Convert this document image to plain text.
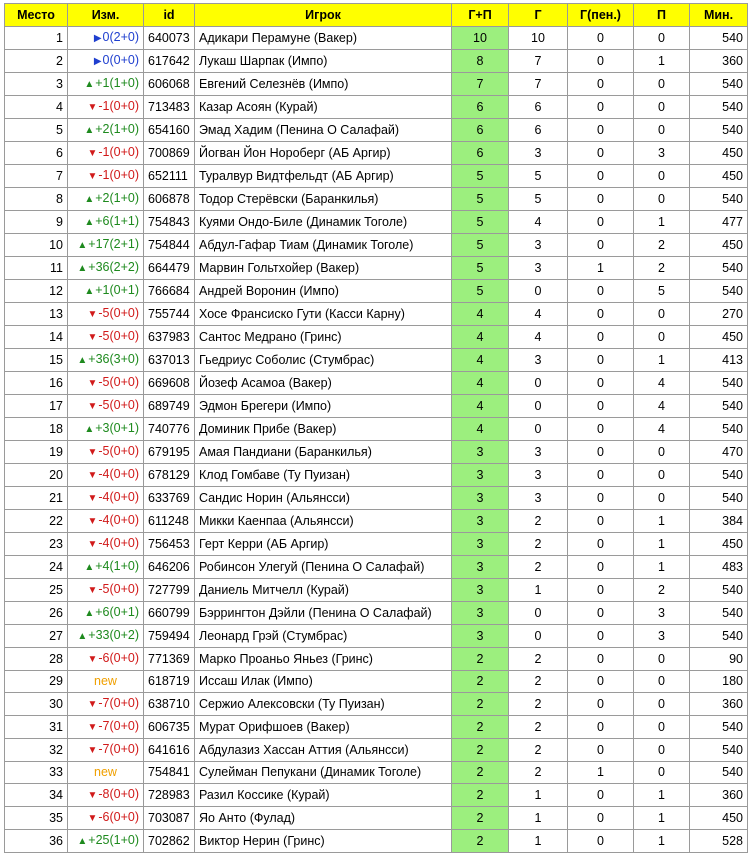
Место	Изм.	id	Игрок	Г+П	Г	Г(пен.)	П	Мин.
1	▶0(2+0)	640073	Адикари Перамуне (Вакер)	10	10	0	0	540
2	▶0(0+0)	617642	Лукаш Шарпак (Импо)	8	7	0	1	360
3	▲+1(1+0)	606068	Евгений Селезнёв (Импо)	7	7	0	0	540
4	▼-1(0+0)	713483	Казар Асоян (Курай)	6	6	0	0	540
5	▲+2(1+0)	654160	Эмад Хадим (Пенина О Салафай)	6	6	0	0	540
6	▼-1(0+0)	700869	Йогван Йон Нороберг (АБ Аргир)	6	3	0	3	450
7	▼-1(0+0)	652111	Туралвур Видтфельдт (АБ Аргир)	5	5	0	0	450
8	▲+2(1+0)	606878	Тодор Стерёвски (Баранкилья)	5	5	0	0	540
9	▲+6(1+1)	754843	Куями Ондо-Биле (Динамик Тоголе)	5	4	0	1	477
10	▲+17(2+1)	754844	Абдул-Гафар Тиам (Динамик Тоголе)	5	3	0	2	450
11	▲+36(2+2)	664479	Марвин Гольтхойер (Вакер)	5	3	1	2	540
12	▲+1(0+1)	766684	Андрей Воронин (Импо)	5	0	0	5	540
13	▼-5(0+0)	755744	Хосе Франсиско Гути (Касси Карну)	4	4	0	0	270
14	▼-5(0+0)	637983	Сантос Медрано (Гринс)	4	4	0	0	450
15	▲+36(3+0)	637013	Гьедриус Соболис (Стумбрас)	4	3	0	1	413
16	▼-5(0+0)	669608	Йозеф Асамоа (Вакер)	4	0	0	4	540
17	▼-5(0+0)	689749	Эдмон Брегери (Импо)	4	0	0	4	540
18	▲+3(0+1)	740776	Доминик Прибе (Вакер)	4	0	0	4	540
19	▼-5(0+0)	679195	Амая Пандиани (Баранкилья)	3	3	0	0	470
20	▼-4(0+0)	678129	Клод Гомбаве (Ту Пуизан)	3	3	0	0	540
21	▼-4(0+0)	633769	Сандис Норин (Альянсси)	3	3	0	0	540
22	▼-4(0+0)	611248	Микки Каенпаа (Альянсси)	3	2	0	1	384
23	▼-4(0+0)	756453	Герт Керри (АБ Аргир)	3	2	0	1	450
24	▲+4(1+0)	646206	Робинсон Улегуй (Пенина О Салафай)	3	2	0	1	483
25	▼-5(0+0)	727799	Даниель Митчелл (Курай)	3	1	0	2	540
26	▲+6(0+1)	660799	Бэррингтон Дэйли (Пенина О Салафай)	3	0	0	3	540
27	▲+33(0+2)	759494	Леонард Грэй (Стумбрас)	3	0	0	3	540
28	▼-6(0+0)	771369	Марко Проаньо Яньез (Гринс)	2	2	0	0	90
29	new	618719	Иссаш Илак (Импо)	2	2	0	0	180
30	▼-7(0+0)	638710	Сержио Алексовски (Ту Пуизан)	2	2	0	0	360
31	▼-7(0+0)	606735	Мурат Орифшоев (Вакер)	2	2	0	0	540
32	▼-7(0+0)	641616	Абдулазиз Хассан Аттия (Альянсси)	2	2	0	0	540
33	new	754841	Сулейман Пепукани (Динамик Тоголе)	2	2	1	0	540
34	▼-8(0+0)	728983	Разил Коссике (Курай)	2	1	0	1	360
35	▼-6(0+0)	703087	Яо Анто (Фулад)	2	1	0	1	450
36	▲+25(1+0)	702862	Виктор Нерин (Гринс)	2	1	0	1	528
